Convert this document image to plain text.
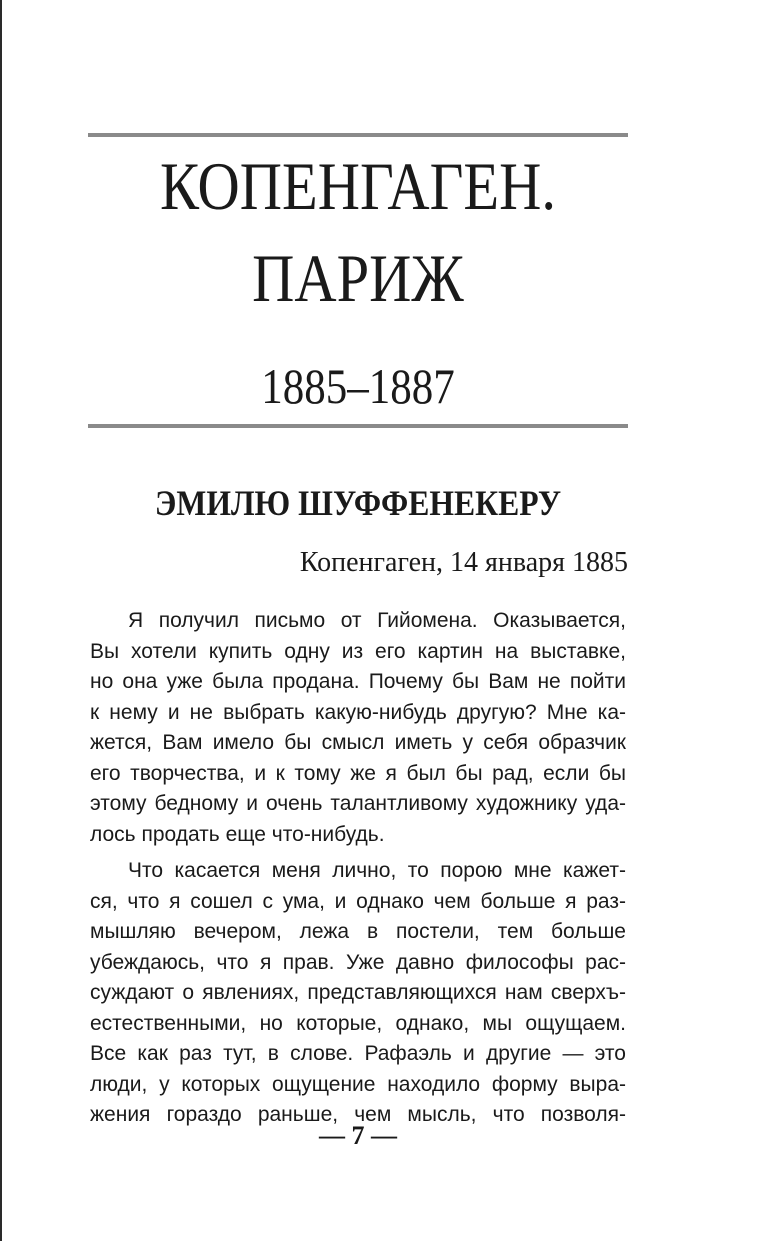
КОПЕНГАГЕН.
ПАРИЖ

1885–1887

ЭМИЛЮ ШУФФЕНЕКЕРУ

Копенгаген, 14 января 1885

Я получил письмо от Гийомена. Оказывается,
Вы хотели купить одну из его картин на выставке,
но она уже была продана. Почему бы Вам не пойти
к нему и не выбрать какую-нибудь другую? Мне ка-
жется, Вам имело бы смысл иметь у себя образчик
его творчества, и к тому же я был бы рад, если бы
этому бедному и очень талантливому художнику уда-
лось продать еще что-нибудь.

Что касается меня лично, то порою мне кажет-
ся, что я сошел с ума, и однако чем больше я раз-
мышляю вечером, лежа в постели, тем больше
убеждаюсь, что я прав. Уже давно философы рас-
суждают о явлениях, представляющихся нам сверхъ-
естественными, но которые, однако, мы ощущаем.
Все как раз тут, в слове. Рафаэль и другие — это
люди, у которых ощущение находило форму выра-
жения гораздо раньше, чем мысль, что позволя-

— 7 —
